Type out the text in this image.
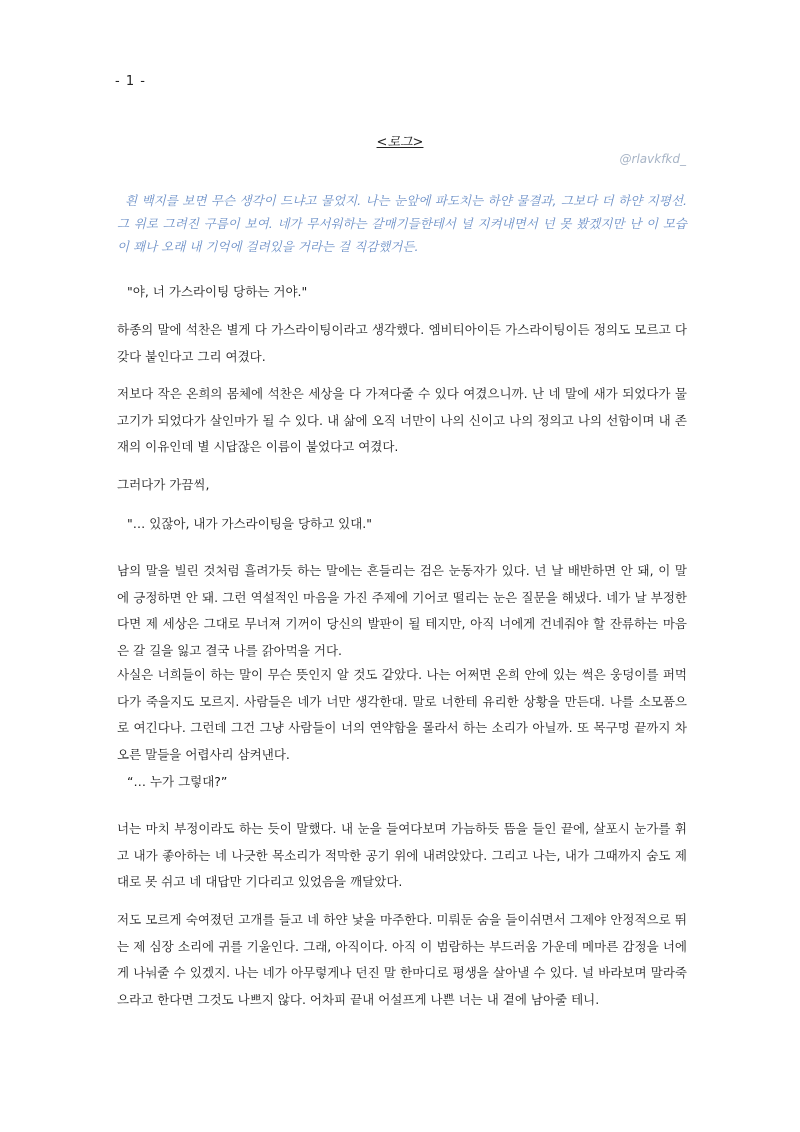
- 1 -
<로그>
@rlavkfkd_

흰 백지를 보면 무슨 생각이 드냐고 물었지. 나는 눈앞에 파도치는 하얀 물결과, 그보다 더 하얀 지평선. 그 위로 그려진 구름이 보여. 네가 무서워하는 갈매기들한테서 널 지켜내면서 넌 못 봤겠지만 난 이 모습이 꽤나 오래 내 기억에 걸려있을 거라는 걸 직감했거든.

"야, 너 가스라이팅 당하는 거야."

하종의 말에 석찬은 별게 다 가스라이팅이라고 생각했다. 엠비티아이든 가스라이팅이든 정의도 모르고 다 갖다 붙인다고 그리 여겼다.

저보다 작은 온희의 몸체에 석찬은 세상을 다 가져다줄 수 있다 여겼으니까. 난 네 말에 새가 되었다가 물고기가 되었다가 살인마가 될 수 있다. 내 삶에 오직 너만이 나의 신이고 나의 정의고 나의 선함이며 내 존재의 이유인데 별 시답잖은 이름이 붙었다고 여겼다.

그러다가 가끔씩,

"… 있잖아, 내가 가스라이팅을 당하고 있대."

남의 말을 빌린 것처럼 흘려가듯 하는 말에는 흔들리는 검은 눈동자가 있다. 넌 날 배반하면 안 돼, 이 말에 긍정하면 안 돼. 그런 역설적인 마음을 가진 주제에 기어코 떨리는 눈은 질문을 해냈다. 네가 날 부정한다면 제 세상은 그대로 무너져 기꺼이 당신의 발판이 될 테지만, 아직 너에게 건네줘야 할 잔류하는 마음은 갈 길을 잃고 결국 나를 갉아먹을 거다.

사실은 너희들이 하는 말이 무슨 뜻인지 알 것도 같았다. 나는 어쩌면 온희 안에 있는 썩은 웅덩이를 퍼먹다가 죽을지도 모르지. 사람들은 네가 너만 생각한대. 말로 너한테 유리한 상황을 만든대. 나를 소모품으로 여긴다나. 그런데 그건 그냥 사람들이 너의 연약함을 몰라서 하는 소리가 아닐까. 또 목구멍 끝까지 차오른 말들을 어렵사리 삼켜낸다.

“… 누가 그렇대?”

너는 마치 부정이라도 하는 듯이 말했다. 내 눈을 들여다보며 가늠하듯 뜸을 들인 끝에, 살포시 눈가를 휘고 내가 좋아하는 네 나긋한 목소리가 적막한 공기 위에 내려앉았다. 그리고 나는, 내가 그때까지 숨도 제대로 못 쉬고 네 대답만 기다리고 있었음을 깨달았다.

저도 모르게 숙여졌던 고개를 들고 네 하얀 낯을 마주한다. 미뤄둔 숨을 들이쉬면서 그제야 안정적으로 뛰는 제 심장 소리에 귀를 기울인다. 그래, 아직이다. 아직 이 범람하는 부드러움 가운데 메마른 감정을 너에게 나눠줄 수 있겠지. 나는 네가 아무렇게나 던진 말 한마디로 평생을 살아낼 수 있다. 널 바라보며 말라죽으라고 한다면 그것도 나쁘지 않다. 어차피 끝내 어설프게 나쁜 너는 내 곁에 남아줄 테니.
